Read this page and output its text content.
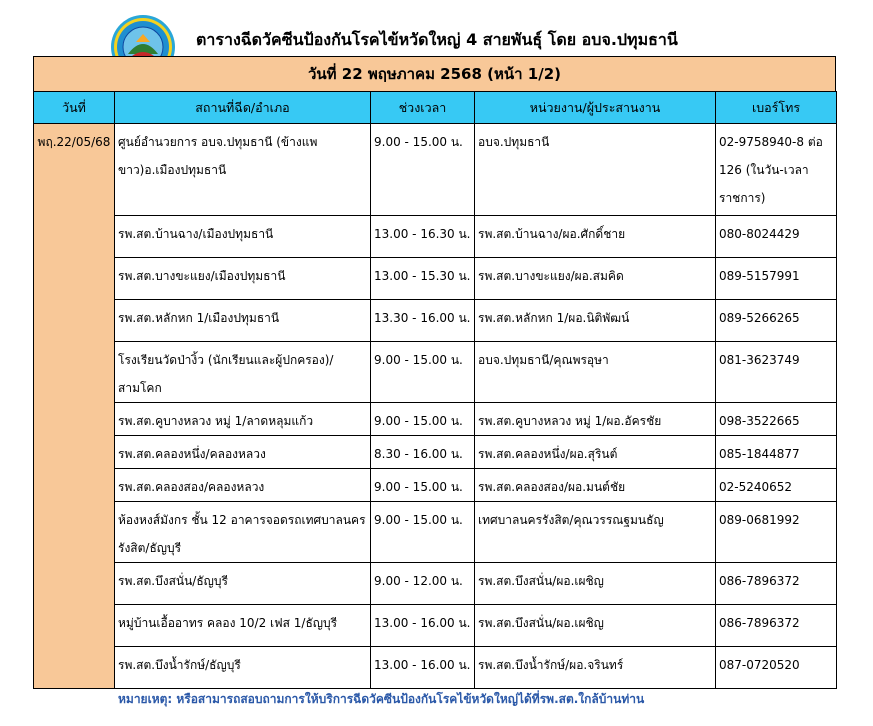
ตารางฉีดวัคซีนป้องกันโรคไข้หวัดใหญ่ 4 สายพันธุ์ โดย อบจ.ปทุมธานี
วันที่ 22 พฤษภาคม 2568 (หน้า 1/2)
วันที่	สถานที่ฉีด/อำเภอ	ช่วงเวลา	หน่วยงาน/ผู้ประสานงาน	เบอร์โทร
พฤ.22/05/68	ศูนย์อำนวยการ อบจ.ปทุมธานี (ข้างแพขาว)อ.เมืองปทุมธานี	9.00 - 15.00 น.	อบจ.ปทุมธานี	02-9758940-8 ต่อ 126 (ในวัน-เวลาราชการ)
	รพ.สต.บ้านฉาง/เมืองปทุมธานี	13.00 - 16.30 น.	รพ.สต.บ้านฉาง/ผอ.ศักดิ์ชาย	080-8024429
	รพ.สต.บางขะแยง/เมืองปทุมธานี	13.00 - 15.30 น.	รพ.สต.บางขะแยง/ผอ.สมคิด	089-5157991
	รพ.สต.หลักหก 1/เมืองปทุมธานี	13.30 - 16.00 น.	รพ.สต.หลักหก 1/ผอ.นิติพัฒน์	089-5266265
	โรงเรียนวัดป่างิ้ว (นักเรียนและผู้ปกครอง)/สามโคก	9.00 - 15.00 น.	อบจ.ปทุมธานี/คุณพรอุษา	081-3623749
	รพ.สต.คูบางหลวง หมู่ 1/ลาดหลุมแก้ว	9.00 - 15.00 น.	รพ.สต.คูบางหลวง หมู่ 1/ผอ.อัครชัย	098-3522665
	รพ.สต.คลองหนึ่ง/คลองหลวง	8.30 - 16.00 น.	รพ.สต.คลองหนึ่ง/ผอ.สุรินต์	085-1844877
	รพ.สต.คลองสอง/คลองหลวง	9.00 - 15.00 น.	รพ.สต.คลองสอง/ผอ.มนต์ชัย	02-5240652
	ห้องหงส์มังกร ชั้น 12 อาคารจอดรถเทศบาลนครรังสิต/ธัญบุรี	9.00 - 15.00 น.	เทศบาลนครรังสิต/คุณวรรณฐมนธัญ	089-0681992
	รพ.สต.บึงสนั่น/ธัญบุรี	9.00 - 12.00 น.	รพ.สต.บึงสนั่น/ผอ.เผชิญ	086-7896372
	หมู่บ้านเอื้ออาทร คลอง 10/2 เฟส 1/ธัญบุรี	13.00 - 16.00 น.	รพ.สต.บึงสนั่น/ผอ.เผชิญ	086-7896372
	รพ.สต.บึงน้ำรักษ์/ธัญบุรี	13.00 - 16.00 น.	รพ.สต.บึงน้ำรักษ์/ผอ.จรินทร์	087-0720520
หมายเหตุ: หรือสามารถสอบถามการให้บริการฉีดวัคซีนป้องกันโรคไข้หวัดใหญ่ได้ที่รพ.สต.ใกล้บ้านท่าน
